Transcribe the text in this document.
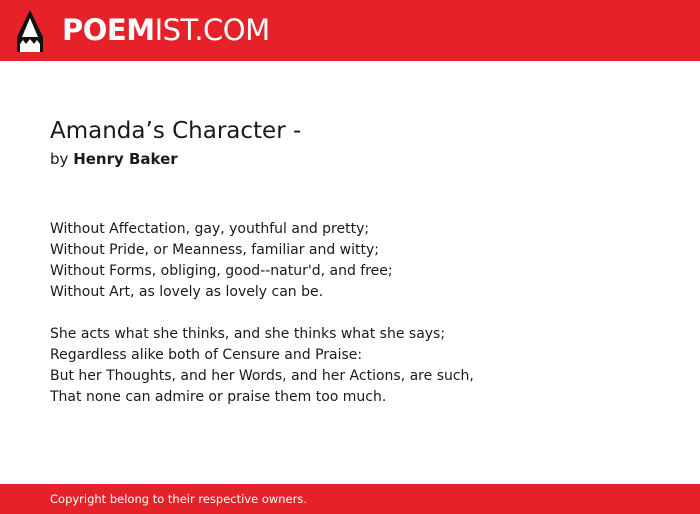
POEMIST.COM
Amanda’s Character -
by Henry Baker
Without Affectation, gay, youthful and pretty;
Without Pride, or Meanness, familiar and witty;
Without Forms, obliging, good--natur'd, and free;
Without Art, as lovely as lovely can be.
She acts what she thinks, and she thinks what she says;
Regardless alike both of Censure and Praise:
But her Thoughts, and her Words, and her Actions, are such,
That none can admire or praise them too much.
Copyright belong to their respective owners.
